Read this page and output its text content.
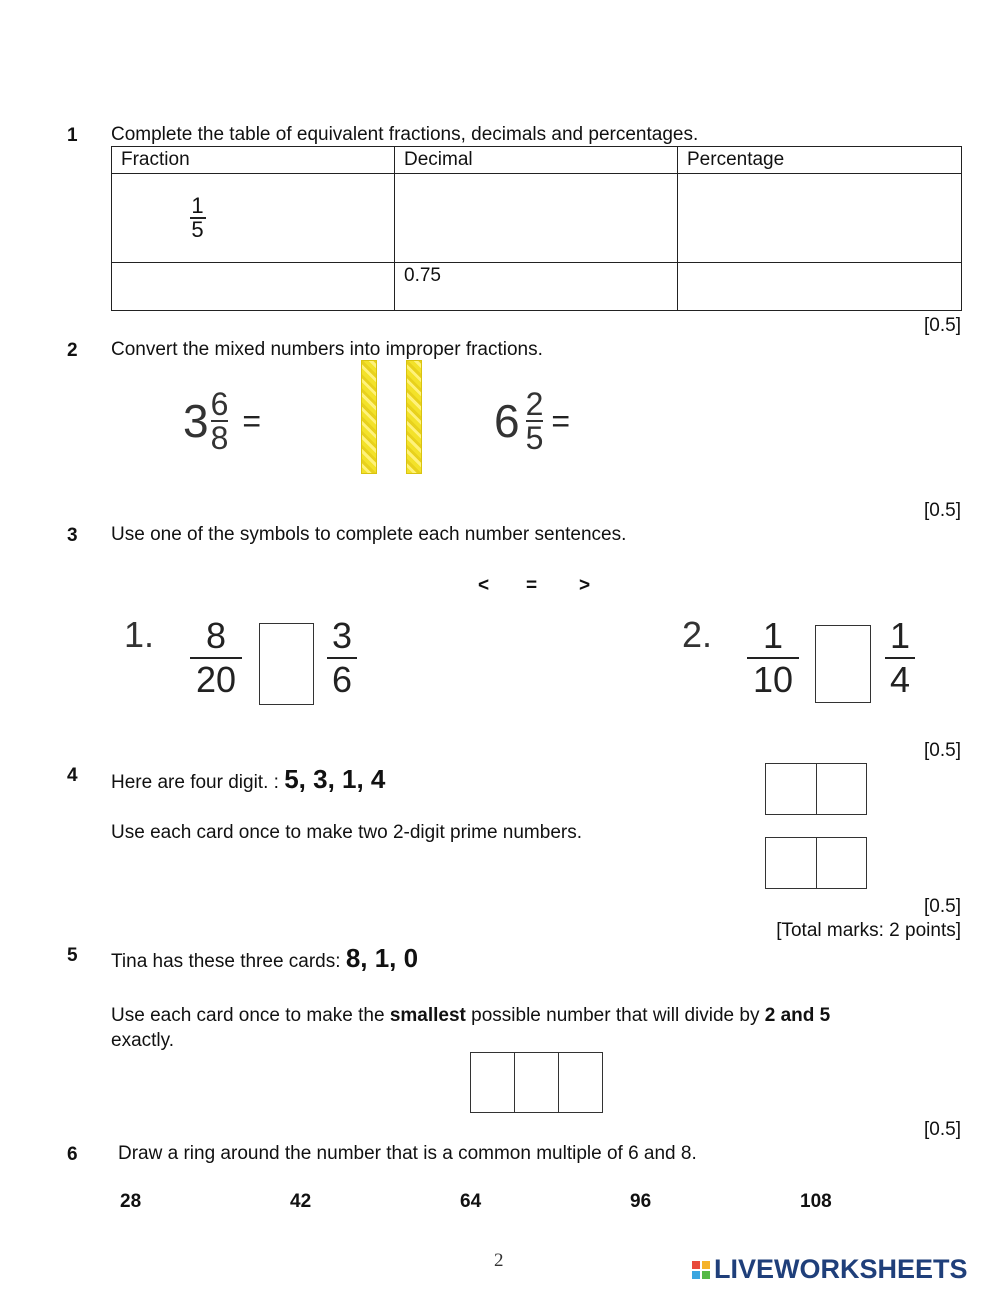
1 Complete the table of equivalent fractions, decimals and percentages.
Fraction	Decimal	Percentage

$\frac{1}{5}$

	0.75	
[0.5]
2 Convert the mixed numbers into improper fractions.
$3 \frac{6}{8}$ =	$6 \frac{2}{5}$ =
[0.5]
3 Use one of the symbols to complete each number sentences.
< = >
1. 8
20
3
6
2. 1
10
1
4
[0.5]
4 Here are four digit. : 5, 3, 1, 4
Use each card once to make two 2-digit prime numbers.
[0.5]
[Total marks: 2 points]
5 Tina has these three cards: 8, 1, 0
Use each card once to make the smallest possible number that will divide by 2 and 5
exactly.
[0.5]
6 Draw a ring around the number that is a common multiple of 6 and 8.
28	42	64	96	108
2	LIVEWORKSHEETS
